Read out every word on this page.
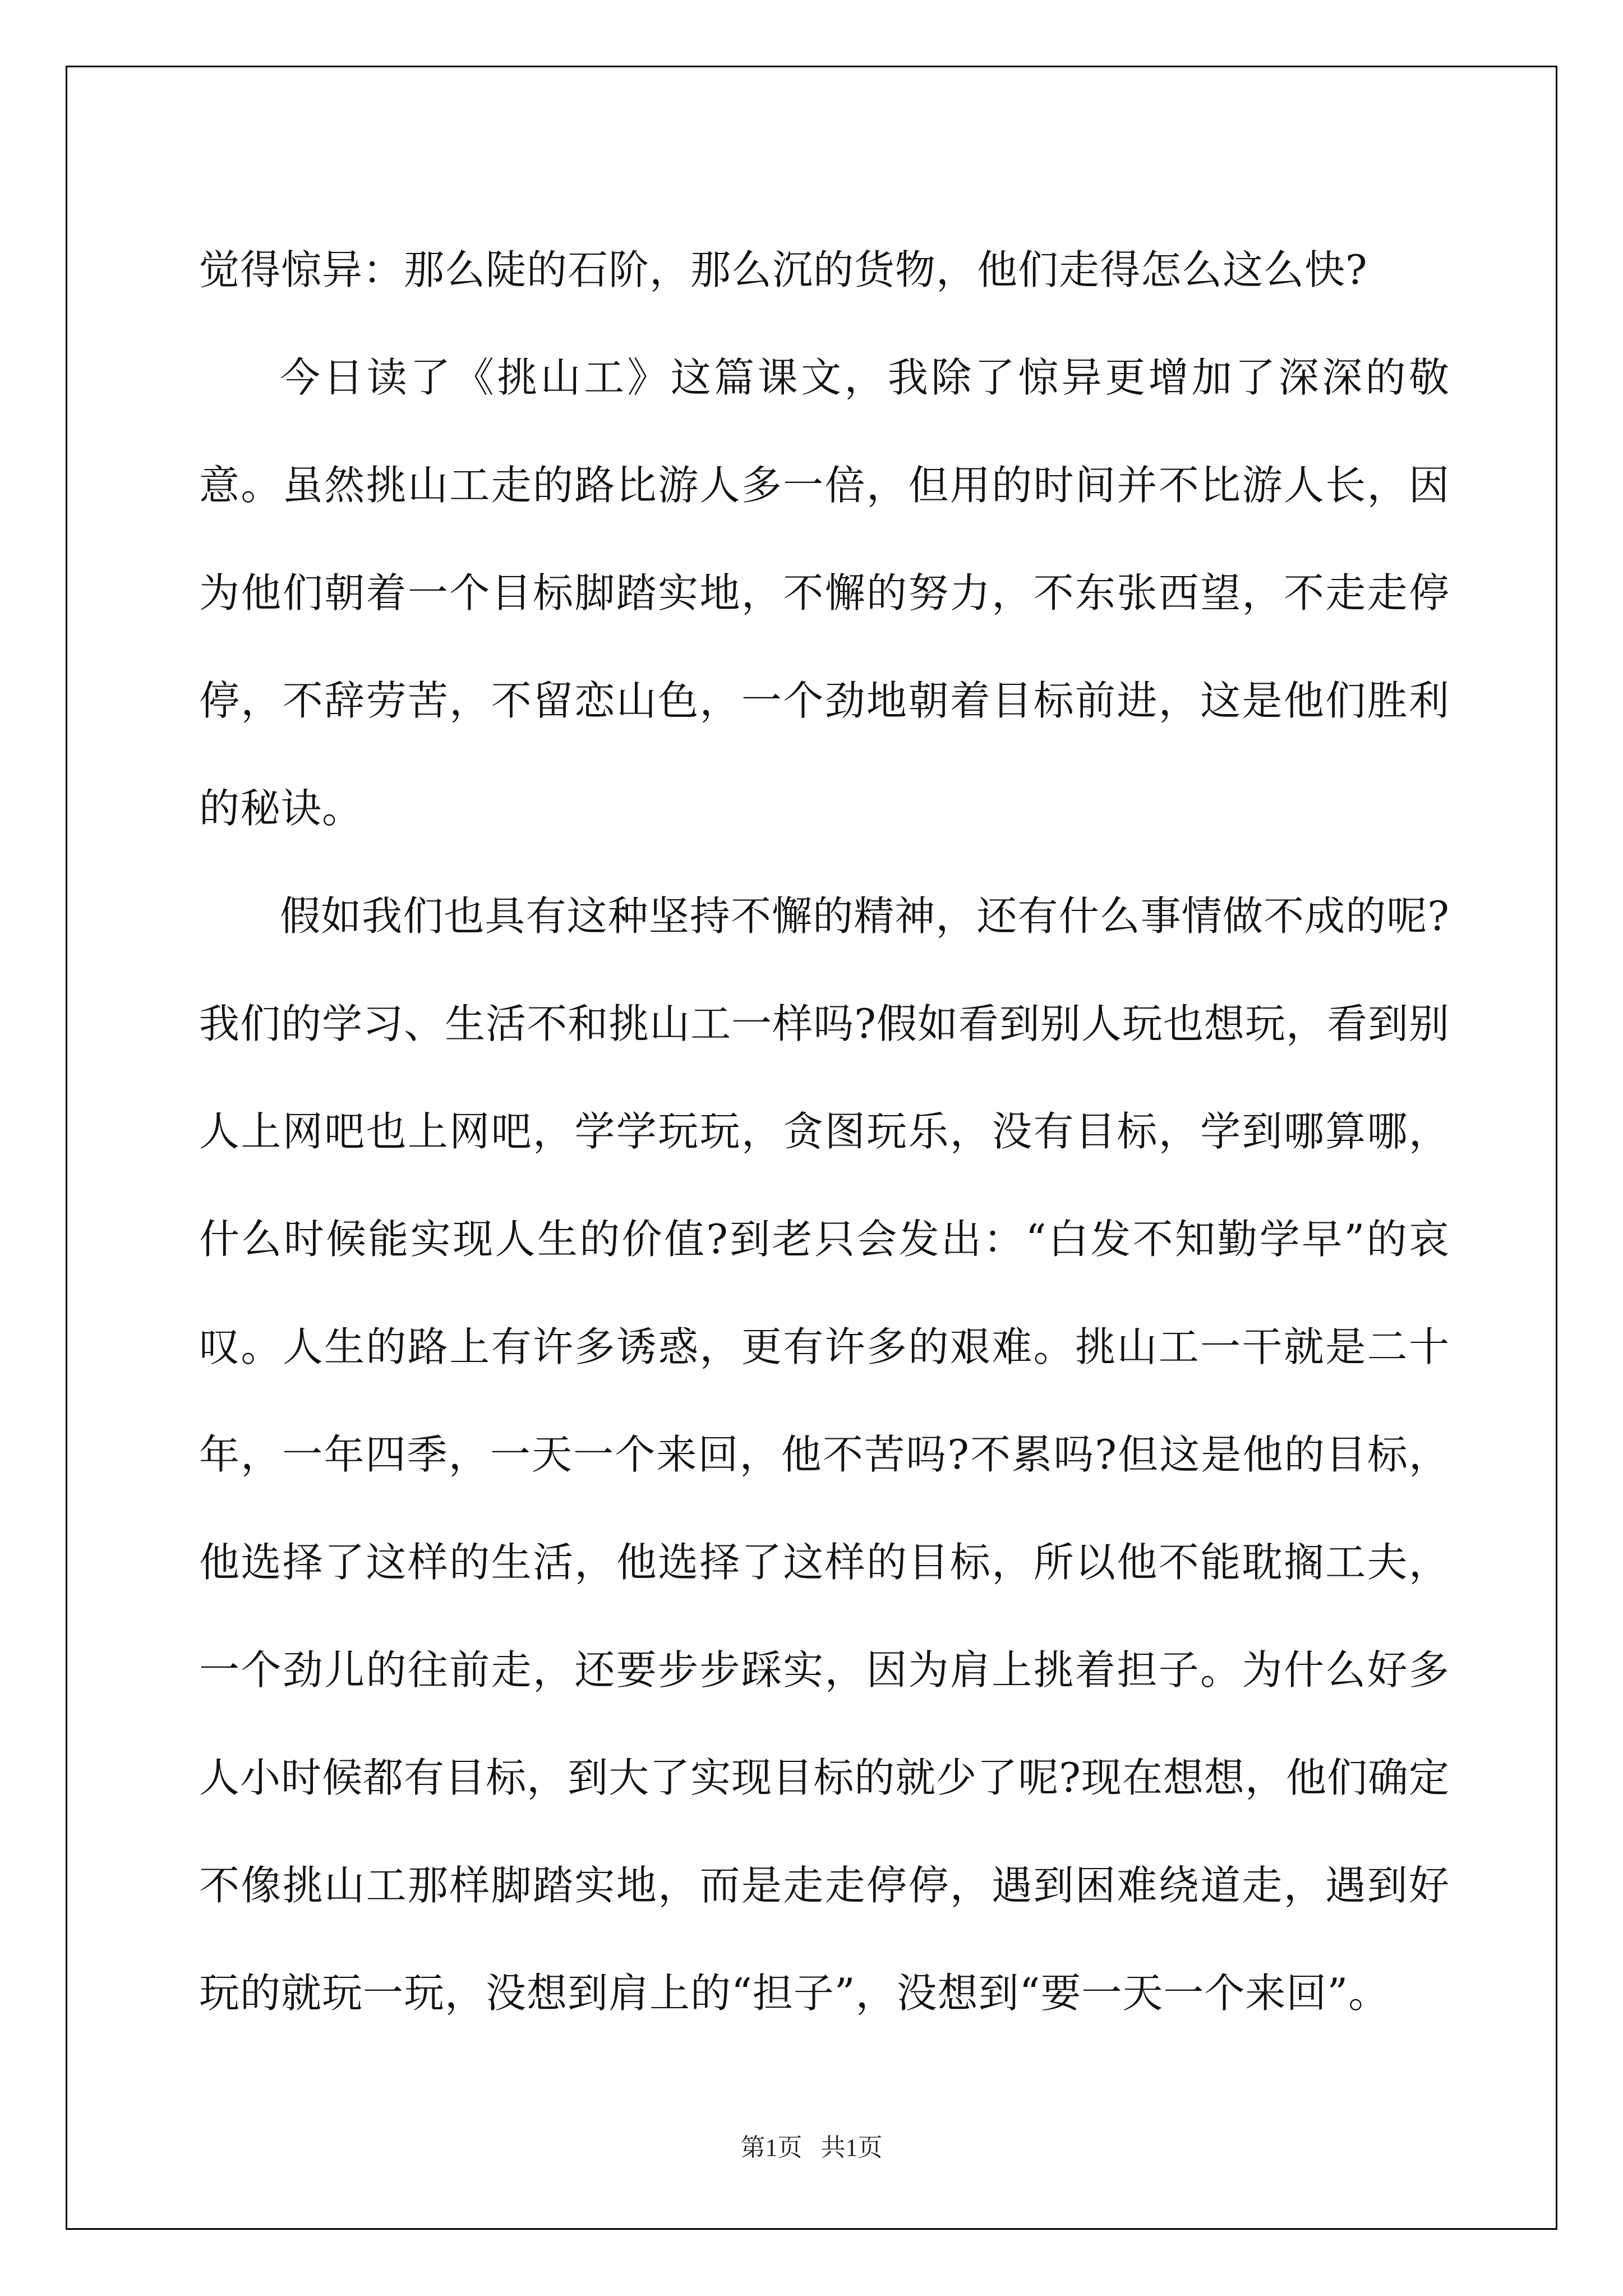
觉得惊异：那么陡的石阶，那么沉的货物，他们走得怎么这么快?

今日读了《挑山工》这篇课文，我除了惊异更增加了深深的敬意。虽然挑山工走的路比游人多一倍，但用的时间并不比游人长，因为他们朝着一个目标脚踏实地，不懈的努力，不东张西望，不走走停停，不辞劳苦，不留恋山色，一个劲地朝着目标前进，这是他们胜利的秘诀。

假如我们也具有这种坚持不懈的精神，还有什么事情做不成的呢?我们的学习、生活不和挑山工一样吗?假如看到别人玩也想玩，看到别人上网吧也上网吧，学学玩玩，贪图玩乐，没有目标，学到哪算哪，什么时候能实现人生的价值?到老只会发出：“白发不知勤学早”的哀叹。人生的路上有许多诱惑，更有许多的艰难。挑山工一干就是二十年，一年四季，一天一个来回，他不苦吗?不累吗?但这是他的目标，他选择了这样的生活，他选择了这样的目标，所以他不能耽搁工夫，一个劲儿的往前走，还要步步踩实，因为肩上挑着担子。为什么好多人小时候都有目标，到大了实现目标的就少了呢?现在想想，他们确定不像挑山工那样脚踏实地，而是走走停停，遇到困难绕道走，遇到好玩的就玩一玩，没想到肩上的“担子”，没想到“要一天一个来回”。

第1页   共1页
